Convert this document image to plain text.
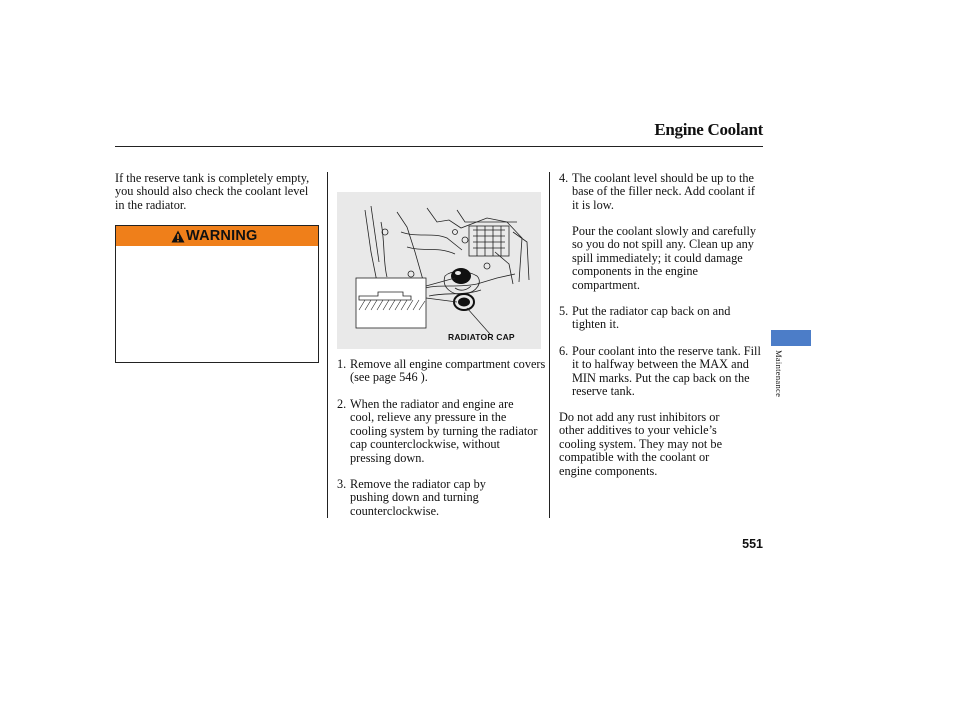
Engine Coolant
If the reserve tank is completely empty, you should also check the coolant level in the radiator.
WARNING
RADIATOR CAP
1. Remove all engine compartment covers (see page 546 ).
2. When the radiator and engine are cool, relieve any pressure in the cooling system by turning the radiator cap counterclockwise, without pressing down.
3. Remove the radiator cap by pushing down and turning counterclockwise.
4. The coolant level should be up to the base of the filler neck. Add coolant if it is low.
Pour the coolant slowly and carefully so you do not spill any. Clean up any spill immediately; it could damage components in the engine compartment.
5. Put the radiator cap back on and tighten it.
6. Pour coolant into the reserve tank. Fill it to halfway between the MAX and MIN marks. Put the cap back on the reserve tank.
Do not add any rust inhibitors or other additives to your vehicle’s cooling system. They may not be compatible with the coolant or engine components.
Maintenance
551
